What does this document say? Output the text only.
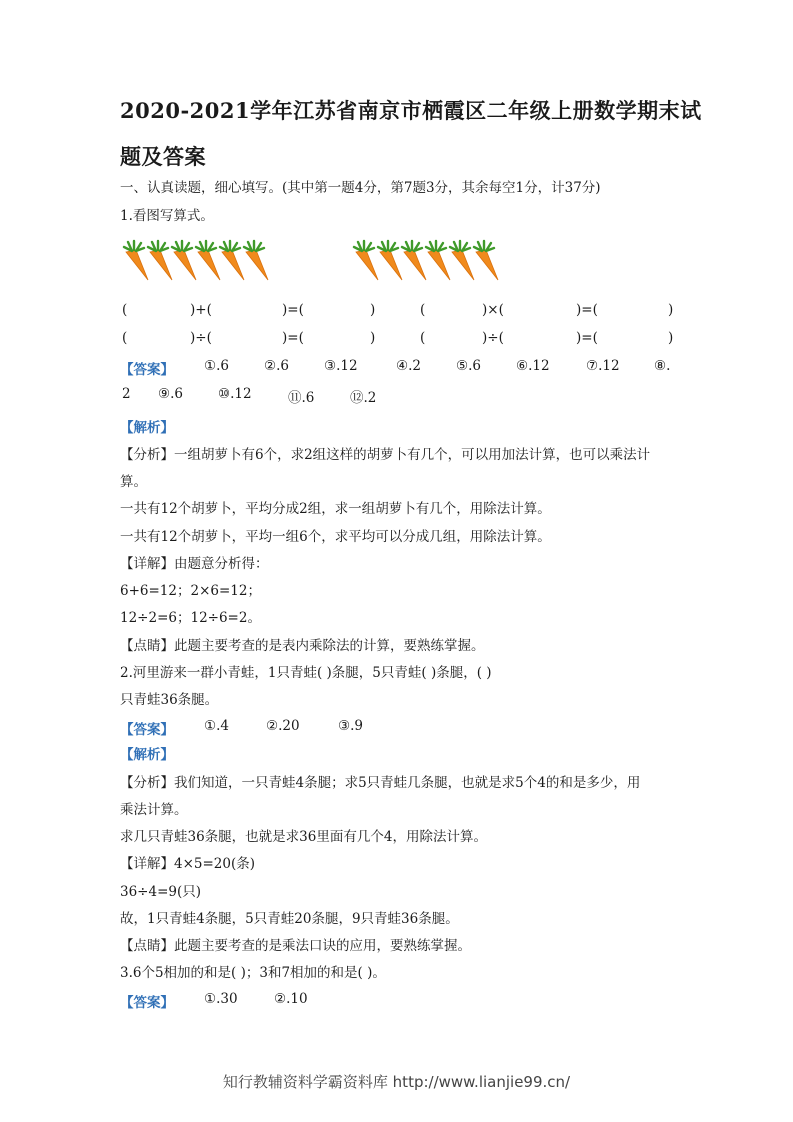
2020-2021学年江苏省南京市栖霞区二年级上册数学期末试
题及答案
一、认真读题，细心填写。(其中第一题4分，第7题3分，其余每空1分，计37分)
1.看图写算式。
(	)+(	)=(	)	(	)×(	)=(	)
(	)÷(	)=(	)	(	)÷(	)=(	)
【答案】 ①.6	②.6	③.12	④.2	⑤.6	⑥.12	⑦.12	⑧.
2 ⑨.6	⑩.12	⑪.6	⑫.2
【解析】
【分析】一组胡萝卜有6个，求2组这样的胡萝卜有几个，可以用加法计算，也可以乘法计
算。
一共有12个胡萝卜，平均分成2组，求一组胡萝卜有几个，用除法计算。
一共有12个胡萝卜，平均一组6个，求平均可以分成几组，用除法计算。
【详解】由题意分析得：
6+6=12；2×6=12；
12÷2=6；12÷6=2。
【点睛】此题主要考查的是表内乘除法的计算，要熟练掌握。
2.河里游来一群小青蛙，1只青蛙( )条腿，5只青蛙( )条腿，( )
只青蛙36条腿。
【答案】 ①.4	②.20	③.9
【解析】
【分析】我们知道，一只青蛙4条腿；求5只青蛙几条腿，也就是求5个4的和是多少，用
乘法计算。
求几只青蛙36条腿，也就是求36里面有几个4，用除法计算。
【详解】4×5=20(条)
36÷4=9(只)
故，1只青蛙4条腿，5只青蛙20条腿，9只青蛙36条腿。
【点睛】此题主要考查的是乘法口诀的应用，要熟练掌握。
3.6个5相加的和是( )；3和7相加的和是( )。
【答案】 ①.30	②.10
知行教辅资料学霸资料库 http://www.lianjie99.cn/
